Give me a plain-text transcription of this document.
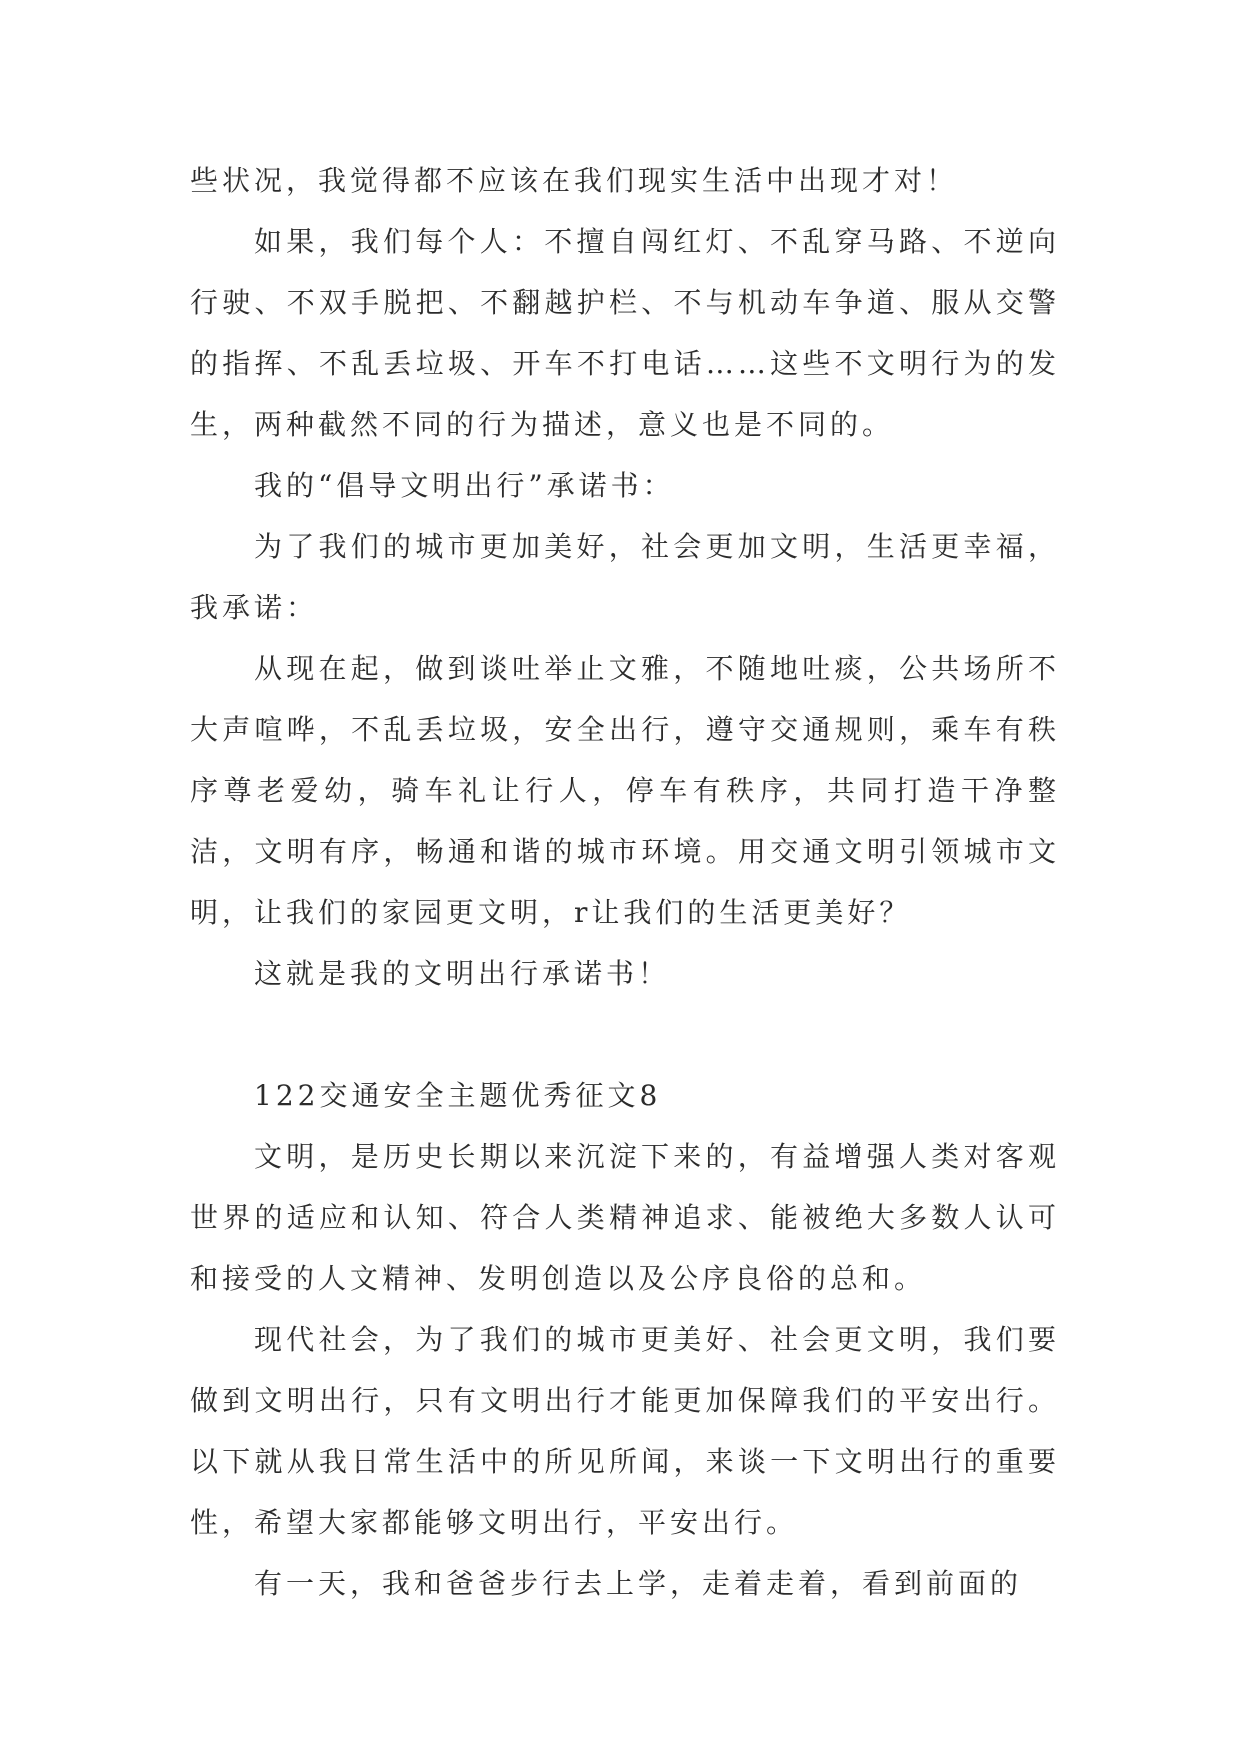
些状况，我觉得都不应该在我们现实生活中出现才对！

如果，我们每个人：不擅自闯红灯、不乱穿马路、不逆向行驶、不双手脱把、不翻越护栏、不与机动车争道、服从交警的指挥、不乱丢垃圾、开车不打电话……这些不文明行为的发生，两种截然不同的行为描述，意义也是不同的。

我的“倡导文明出行”承诺书：

为了我们的城市更加美好，社会更加文明，生活更幸福，我承诺：

从现在起，做到谈吐举止文雅，不随地吐痰，公共场所不大声喧哗，不乱丢垃圾，安全出行，遵守交通规则，乘车有秩序尊老爱幼，骑车礼让行人，停车有秩序，共同打造干净整洁，文明有序，畅通和谐的城市环境。用交通文明引领城市文明，让我们的家园更文明，r让我们的生活更美好？

这就是我的文明出行承诺书！

122交通安全主题优秀征文8

文明，是历史长期以来沉淀下来的，有益增强人类对客观世界的适应和认知、符合人类精神追求、能被绝大多数人认可和接受的人文精神、发明创造以及公序良俗的总和。

现代社会，为了我们的城市更美好、社会更文明，我们要做到文明出行，只有文明出行才能更加保障我们的平安出行。以下就从我日常生活中的所见所闻，来谈一下文明出行的重要性，希望大家都能够文明出行，平安出行。

有一天，我和爸爸步行去上学，走着走着，看到前面的
